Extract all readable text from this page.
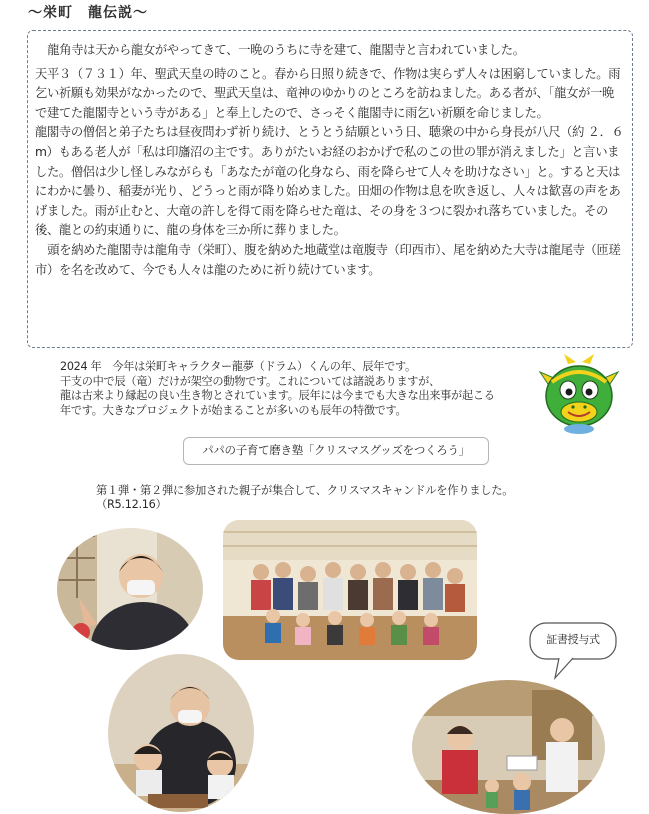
～栄町　龍伝説～

龍角寺は天から龍女がやってきて、一晩のうちに寺を建て、龍閣寺と言われていました。

天平３（７３１）年、聖武天皇の時のこと。春から日照り続きで、作物は実らず人々は困窮していました。雨乞い祈願も効果がなかったので、聖武天皇は、竜神のゆかりのところを訪ねました。ある者が、「龍女が一晩で建てた龍閣寺という寺がある」と奉上したので、さっそく龍閣寺に雨乞い祈願を命じました。

龍閣寺の僧侶と弟子たちは昼夜問わず祈り続け、とうとう結願という日、聴衆の中から身長が八尺（約 ２．６m）もある老人が「私は印旛沼の主です。ありがたいお経のおかげで私のこの世の罪が消えました」と言いました。僧侶は少し怪しみながらも「あなたが竜の化身なら、雨を降らせて人々を助けなさい」と。すると天はにわかに曇り、稲妻が光り、どうっと雨が降り始めました。田畑の作物は息を吹き返し、人々は歓喜の声をあげました。雨が止むと、大竜の許しを得て雨を降らせた竜は、その身を３つに裂かれ落ちていました。その後、龍との約束通りに、龍の身体を三か所に葬りました。

頭を納めた龍閣寺は龍角寺（栄町）、腹を納めた地蔵堂は竜腹寺（印西市）、尾を納めた大寺は龍尾寺（匝瑳市）を名を改めて、今でも人々は龍のために祈り続けています。

2024 年　今年は栄町キャラクター龍夢（ドラム）くんの年、辰年です。

干支の中で辰（竜）だけが架空の動物です。これについては諸説ありますが、

龍は古来より縁起の良い生き物とされています。辰年には今までも大きな出来事が起こる

年です。大きなプロジェクトが始まることが多いのも辰年の特徴です。

パパの子育て磨き塾「クリスマスグッズをつくろう」

第１弾・第２弾に参加された親子が集合して、クリスマスキャンドルを作りました。

（R5.12.16）

証書授与式
